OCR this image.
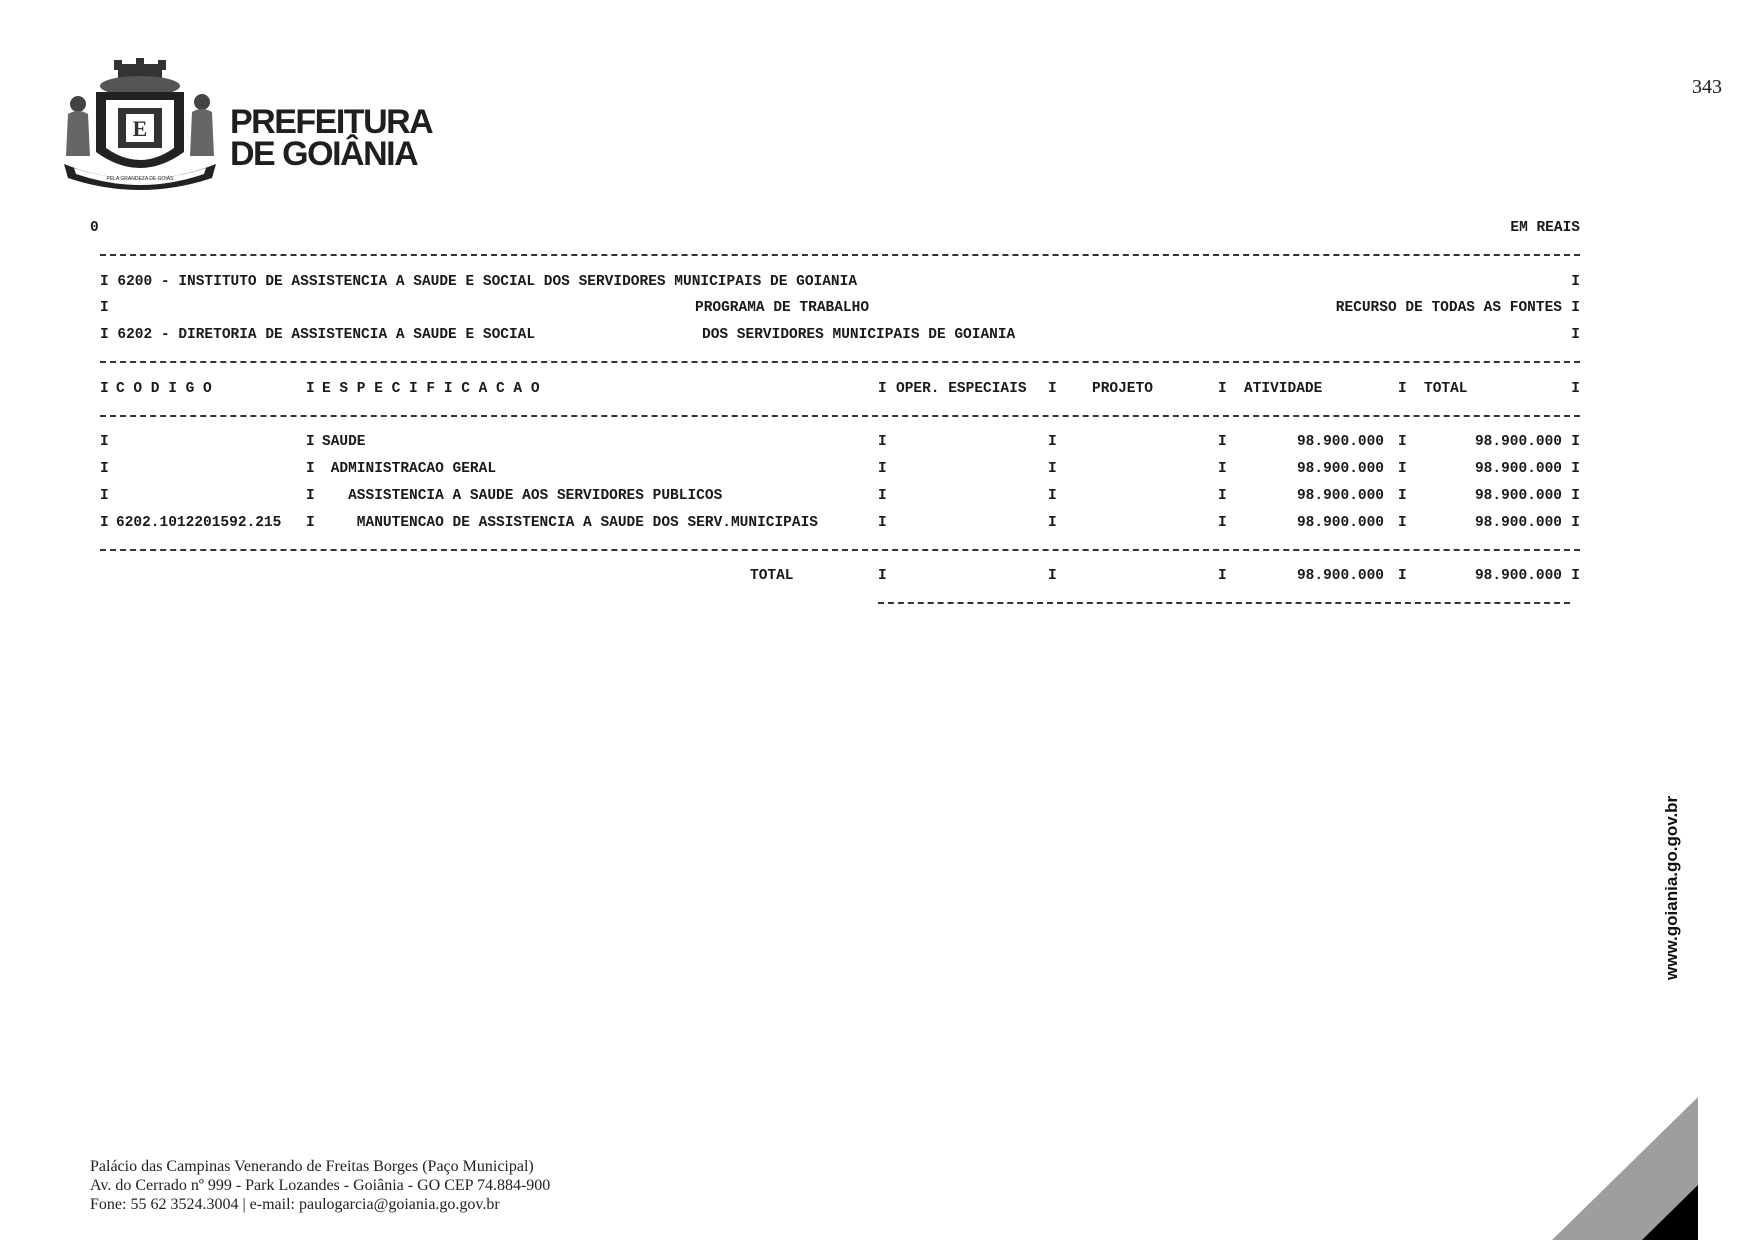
343
E
PELA GRANDEZA DE GOIÁS
PREFEITURA
DE GOIÂNIA
0	EM REAIS
I 6200 - INSTITUTO DE ASSISTENCIA A SAUDE E SOCIAL DOS SERVIDORES MUNICIPAIS DE GOIANIA	I
I	PROGRAMA DE TRABALHO	RECURSO DE TODAS AS FONTES I
I 6202 - DIRETORIA DE ASSISTENCIA A SAUDE E SOCIAL	DOS SERVIDORES MUNICIPAIS DE GOIANIA	I
I C O D I G O	I E S P E C I F I C A C A O	I OPER. ESPECIAIS I PROJETO	I ATIVIDADE	I TOTAL	I
I	I SAUDE	I	I	I	98.900.000 I	98.900.000 I
I	I ADMINISTRACAO GERAL	I	I	I	98.900.000 I	98.900.000 I
I	I ASSISTENCIA A SAUDE AOS SERVIDORES PUBLICOS	I	I	I	98.900.000 I	98.900.000 I
I 6202.1012201592.215 I MANUTENCAO DE ASSISTENCIA A SAUDE DOS SERV.MUNICIPAIS	I	I	I	98.900.000 I	98.900.000 I
TOTAL	I	I	I	98.900.000 I	98.900.000 I
www.goiania.go.gov.br
Palácio das Campinas Venerando de Freitas Borges (Paço Municipal)
Av. do Cerrado nº 999 - Park Lozandes - Goiânia - GO CEP 74.884-900
Fone: 55 62 3524.3004 | e-mail: paulogarcia@goiania.go.gov.br
